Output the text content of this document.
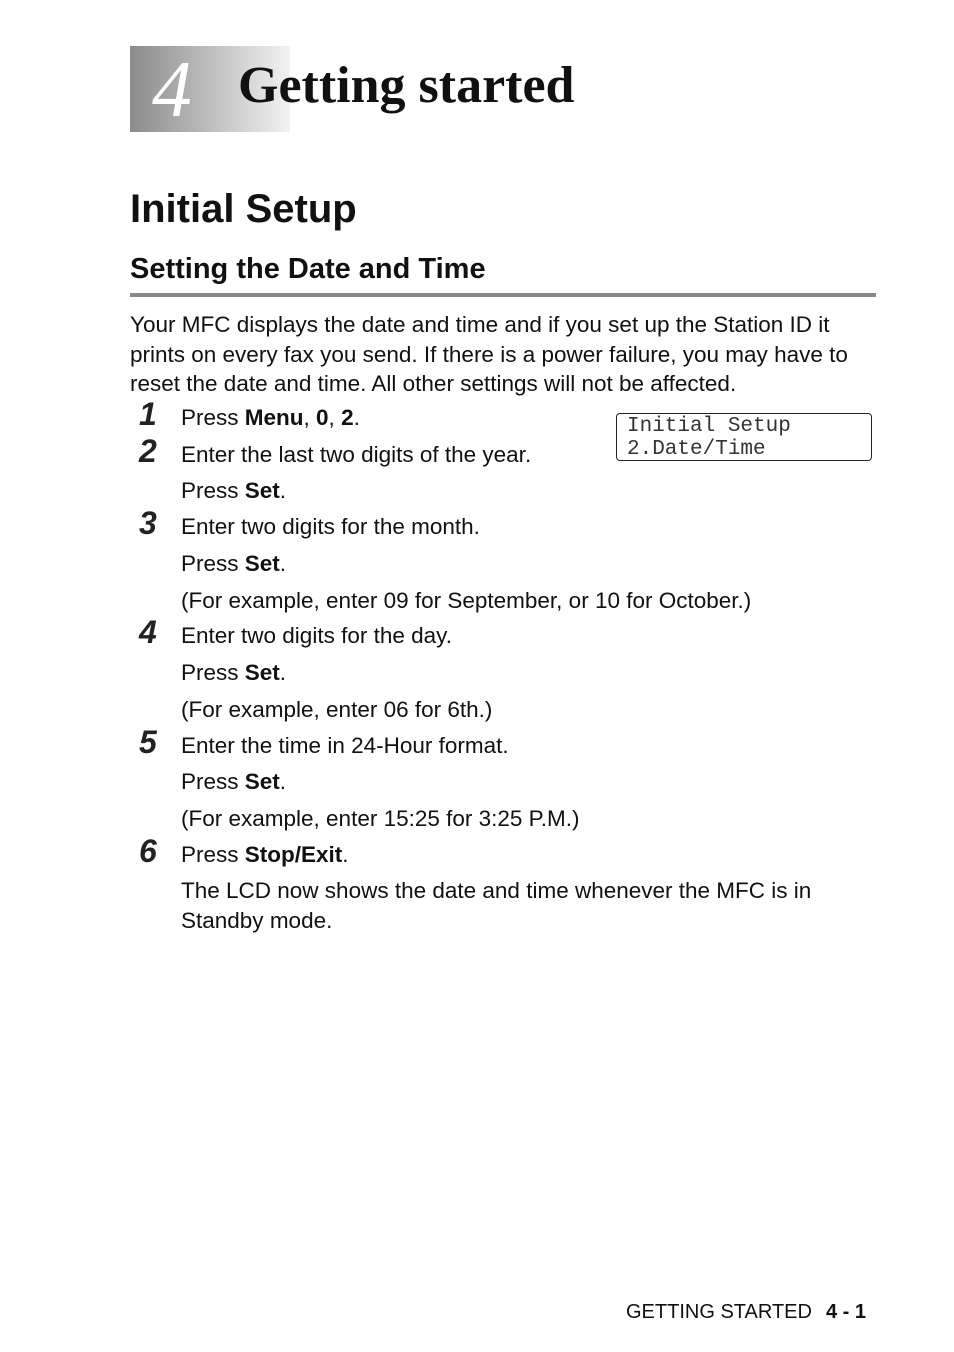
4 Getting started
Initial Setup
Setting the Date and Time
Your MFC displays the date and time and if you set up the Station ID it prints on every fax you send. If there is a power failure, you may have to reset the date and time. All other settings will not be affected.
Initial Setup
2.Date/Time
1 Press Menu, 0, 2.
2 Enter the last two digits of the year.
Press Set.
3 Enter two digits for the month.
Press Set.
(For example, enter 09 for September, or 10 for October.)
4 Enter two digits for the day.
Press Set.
(For example, enter 06 for 6th.)
5 Enter the time in 24-Hour format.
Press Set.
(For example, enter 15:25 for 3:25 P.M.)
6 Press Stop/Exit.
The LCD now shows the date and time whenever the MFC is in Standby mode.
GETTING STARTED 4 - 1
